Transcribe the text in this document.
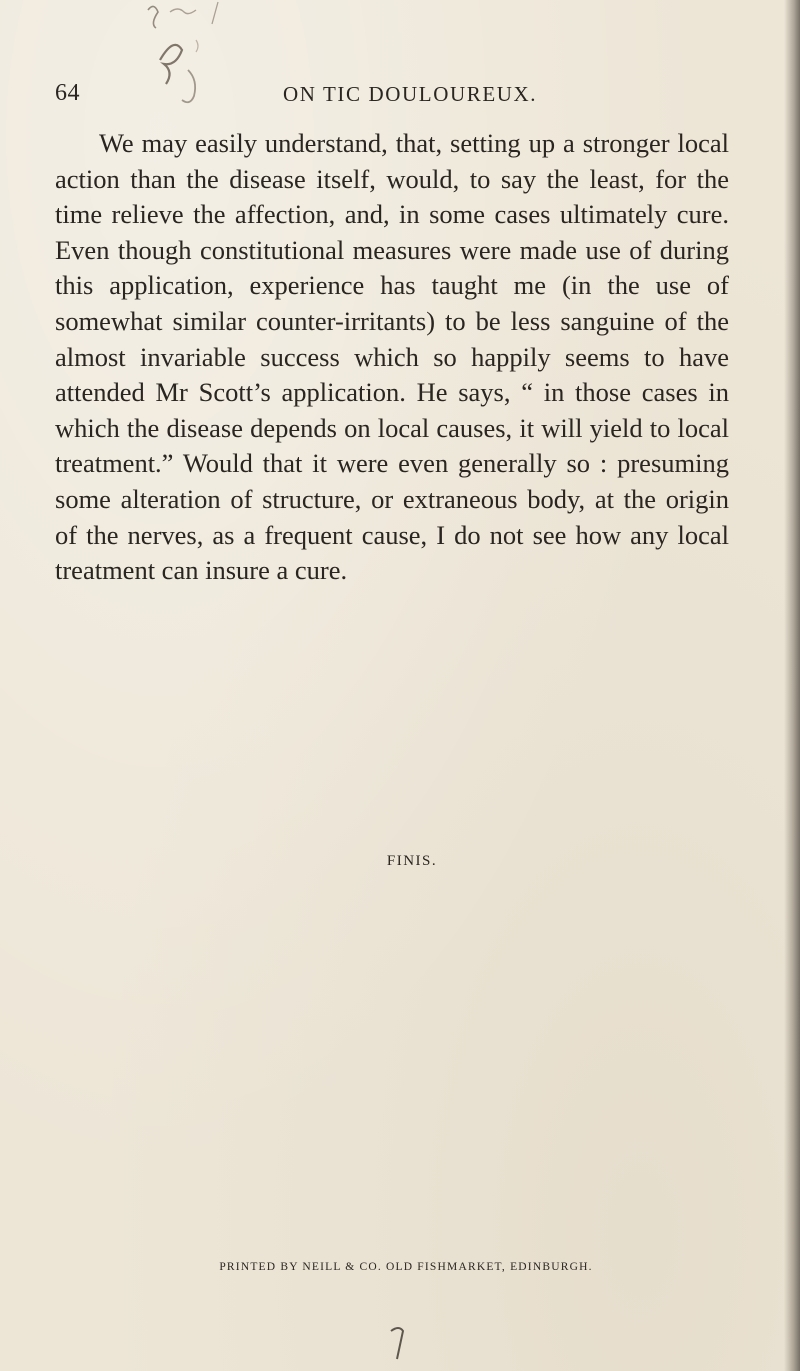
64	ON TIC DOULOUREUX.

We may easily understand, that, setting up a stronger local action than the disease itself, would, to say the least, for the time relieve the affection, and, in some cases ultimately cure. Even though constitutional measures were made use of during this application, experience has taught me (in the use of somewhat similar counter-irritants) to be less sanguine of the almost invariable success which so happily seems to have attended Mr Scott’s application. He says, “ in those cases in which the disease depends on local causes, it will yield to local treatment.” Would that it were even generally so : presuming some alteration of structure, or extraneous body, at the origin of the nerves, as a frequent cause, I do not see how any local treatment can insure a cure.

FINIS.
PRINTED BY NEILL & CO. OLD FISHMARKET, EDINBURGH.
